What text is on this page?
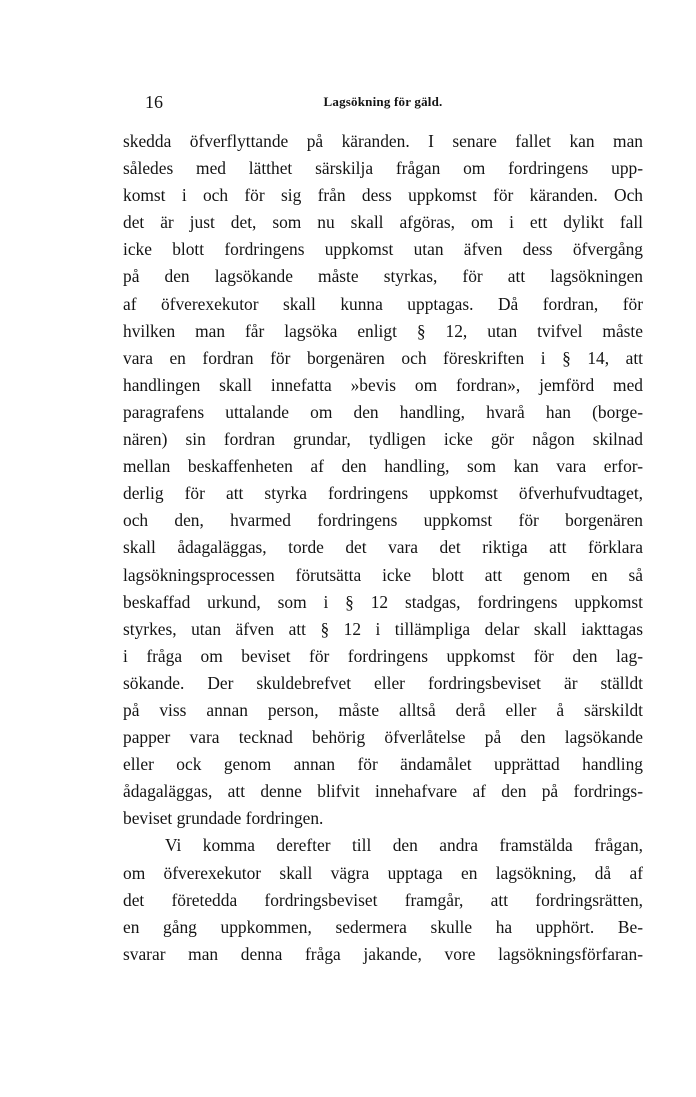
16	Lagsökning för gäld.
skedda öfverflyttande på käranden. I senare fallet kan man
således med lätthet särskilja frågan om fordringens upp-
komst i och för sig från dess uppkomst för käranden. Och
det är just det, som nu skall afgöras, om i ett dylikt fall
icke blott fordringens uppkomst utan äfven dess öfvergång
på den lagsökande måste styrkas, för att lagsökningen
af öfverexekutor skall kunna upptagas. Då fordran, för
hvilken man får lagsöka enligt § 12, utan tvifvel måste
vara en fordran för borgenären och föreskriften i § 14, att
handlingen skall innefatta »bevis om fordran», jemförd med
paragrafens uttalande om den handling, hvarå han (borge-
nären) sin fordran grundar, tydligen icke gör någon skilnad
mellan beskaffenheten af den handling, som kan vara erfor-
derlig för att styrka fordringens uppkomst öfverhufvudtaget,
och den, hvarmed fordringens uppkomst för borgenären
skall ådagaläggas, torde det vara det riktiga att förklara
lagsökningsprocessen förutsätta icke blott att genom en så
beskaffad urkund, som i § 12 stadgas, fordringens uppkomst
styrkes, utan äfven att § 12 i tillämpliga delar skall iakttagas
i fråga om beviset för fordringens uppkomst för den lag-
sökande. Der skuldebrefvet eller fordringsbeviset är ställdt
på viss annan person, måste alltså derå eller å särskildt
papper vara tecknad behörig öfverlåtelse på den lagsökande
eller ock genom annan för ändamålet upprättad handling
ådagaläggas, att denne blifvit innehafvare af den på fordrings-
beviset grundade fordringen.
Vi komma derefter till den andra framstälda frågan,
om öfverexekutor skall vägra upptaga en lagsökning, då af
det företedda fordringsbeviset framgår, att fordringsrätten,
en gång uppkommen, sedermera skulle ha upphört. Be-
svarar man denna fråga jakande, vore lagsökningsförfaran-
